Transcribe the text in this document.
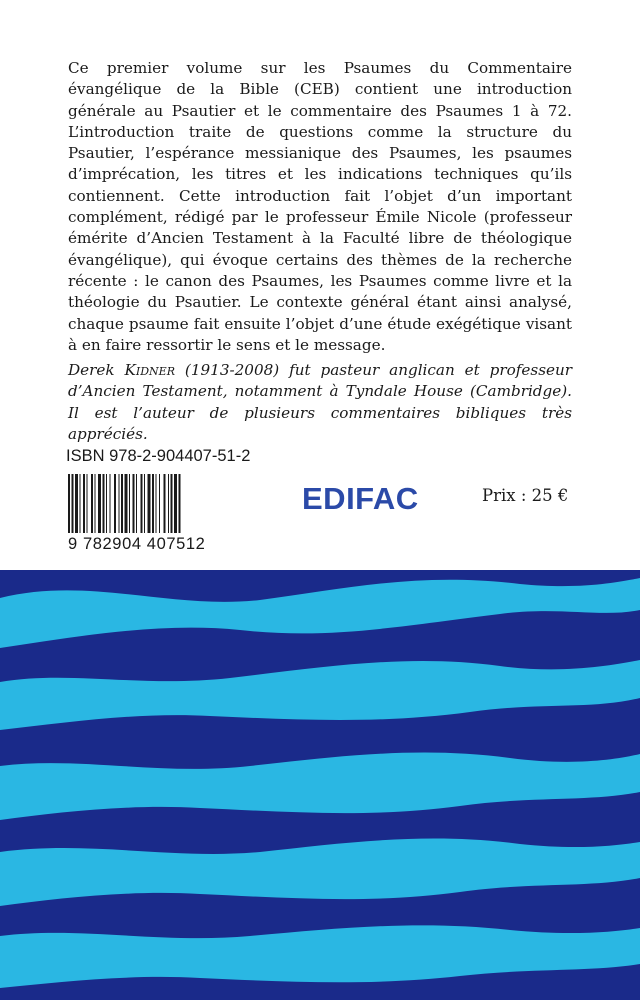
Ce premier volume sur les Psaumes du Commentaire évangélique de la Bible (CEB) contient une introduction générale au Psautier et le commentaire des Psaumes 1 à 72. L’introduction traite de questions comme la structure du Psautier, l’espérance messianique des Psaumes, les psaumes d’imprécation, les titres et les indications techniques qu’ils contiennent. Cette introduction fait l’objet d’un important complément, rédigé par le professeur Émile Nicole (professeur émérite d’Ancien Testament à la Faculté libre de théologique évangélique), qui évoque certains des thèmes de la recherche récente : le canon des Psaumes, les Psaumes comme livre et la théologie du Psautier. Le contexte général étant ainsi analysé, chaque psaume fait ensuite l’objet d’une étude exégétique visant à en faire ressortir le sens et le message.

Derek Kidner (1913-2008) fut pasteur anglican et professeur d’Ancien Testament, notamment à Tyndale House (Cambridge). Il est l’auteur de plusieurs commentaires bibliques très appréciés.

ISBN 978-2-904407-51-2
9 782904 407512
EDIFAC	Prix : 25 €
